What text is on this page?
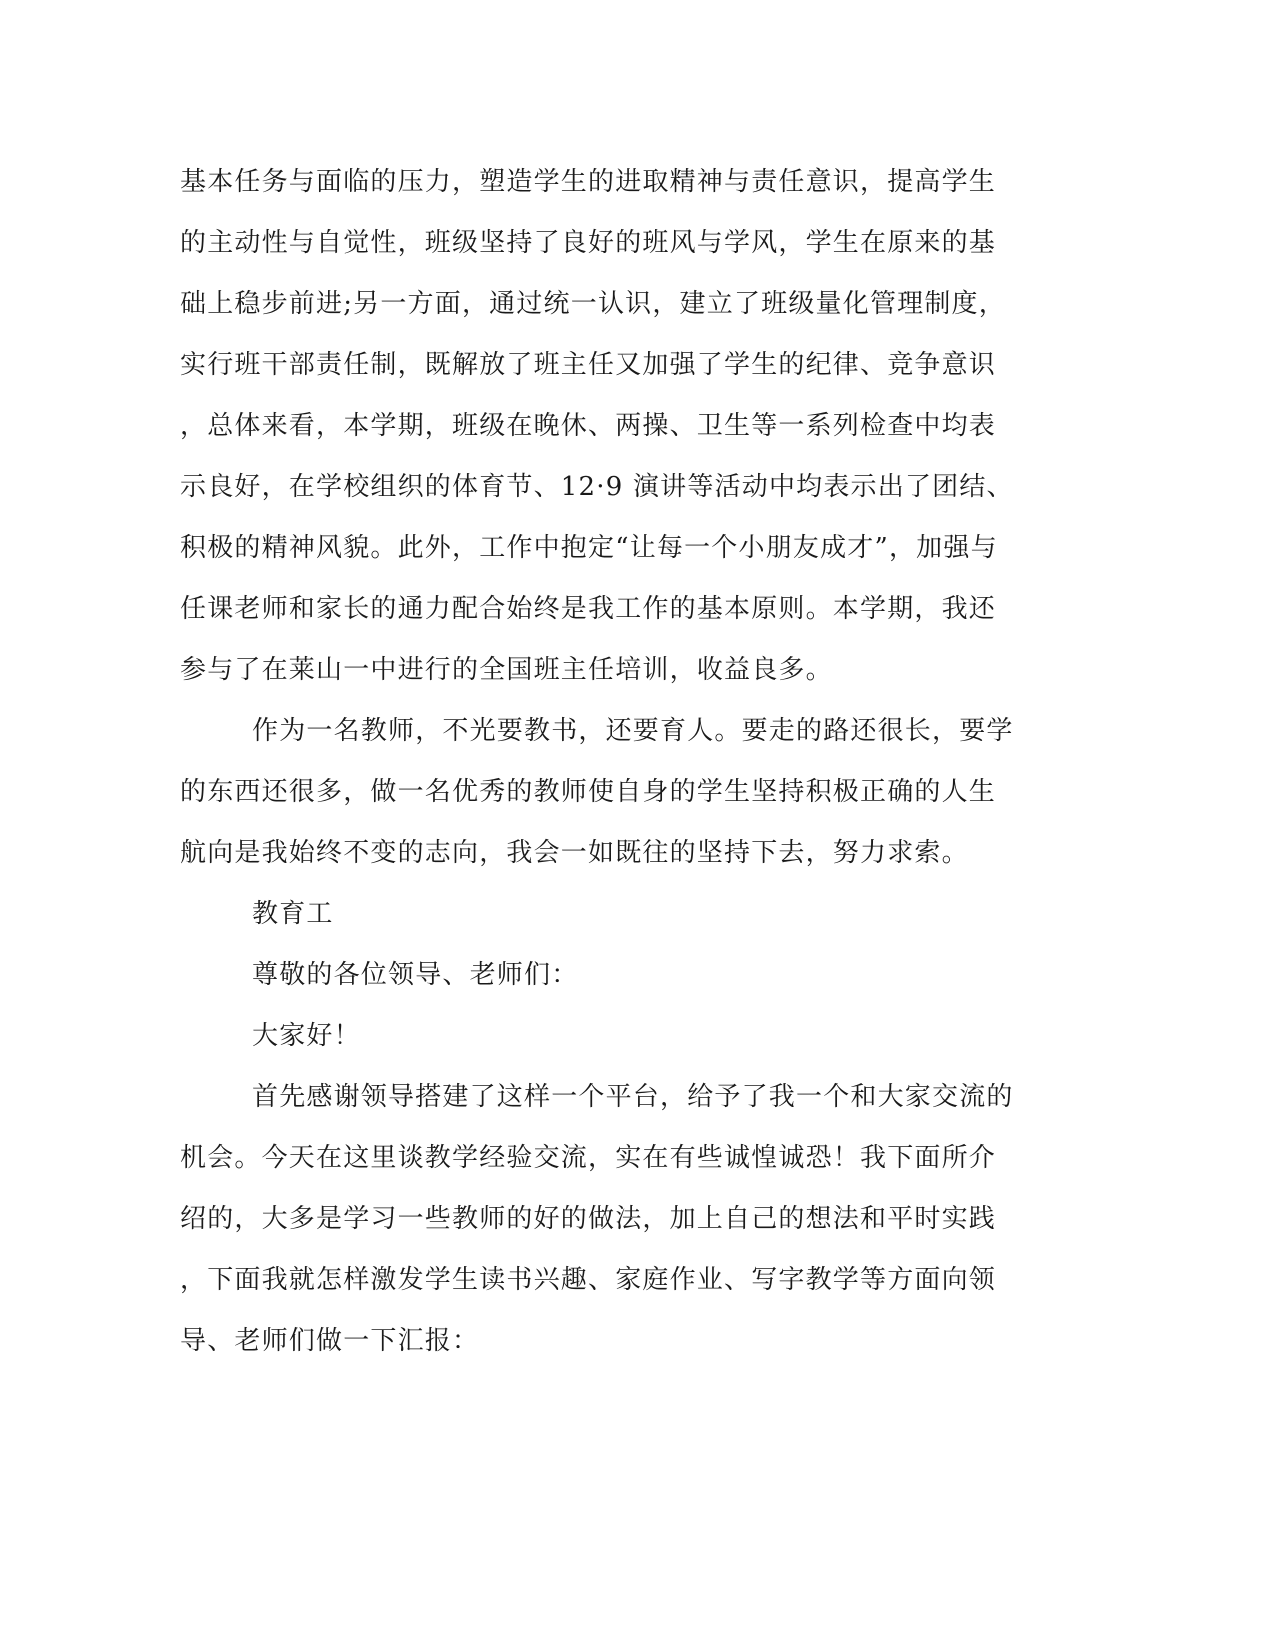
基本任务与面临的压力，塑造学生的进取精神与责任意识，提高学生
的主动性与自觉性，班级坚持了良好的班风与学风，学生在原来的基
础上稳步前进;另一方面，通过统一认识，建立了班级量化管理制度，
实行班干部责任制，既解放了班主任又加强了学生的纪律、竞争意识
，总体来看，本学期，班级在晚休、两操、卫生等一系列检查中均表
示良好，在学校组织的体育节、12·9 演讲等活动中均表示出了团结、
积极的精神风貌。此外，工作中抱定“让每一个小朋友成才”，加强与
任课老师和家长的通力配合始终是我工作的基本原则。本学期，我还
参与了在莱山一中进行的全国班主任培训，收益良多。
作为一名教师，不光要教书，还要育人。要走的路还很长，要学
的东西还很多，做一名优秀的教师使自身的学生坚持积极正确的人生
航向是我始终不变的志向，我会一如既往的坚持下去，努力求索。
教育工
尊敬的各位领导、老师们：
大家好！
首先感谢领导搭建了这样一个平台，给予了我一个和大家交流的
机会。今天在这里谈教学经验交流，实在有些诚惶诚恐！我下面所介
绍的，大多是学习一些教师的好的做法，加上自己的想法和平时实践
，下面我就怎样激发学生读书兴趣、家庭作业、写字教学等方面向领
导、老师们做一下汇报：
